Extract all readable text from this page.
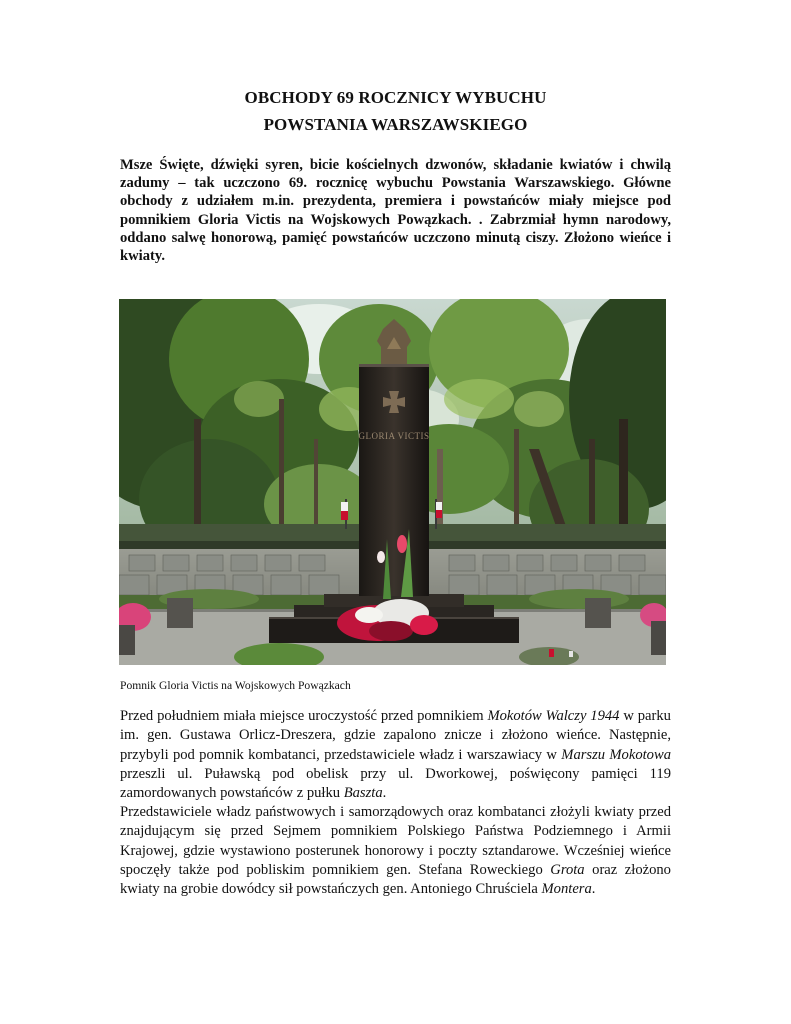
OBCHODY 69 ROCZNICY WYBUCHU
POWSTANIA WARSZAWSKIEGO

Msze Święte, dźwięki syren, bicie kościelnych dzwonów, składanie kwiatów i chwilą zadumy – tak uczczono 69. rocznicę wybuchu Powstania Warszawskiego. Główne obchody z udziałem m.in. prezydenta, premiera i powstańców miały miejsce pod pomnikiem Gloria Victis na Wojskowych Powązkach. . Zabrzmiał hymn narodowy, oddano salwę honorową, pamięć powstańców uczczono minutą ciszy. Złożono wieńce i kwiaty.

GLORIA VICTIS

Pomnik Gloria Victis na Wojskowych Powązkach

Przed południem miała miejsce uroczystość przed pomnikiem Mokotów Walczy 1944 w parku im. gen. Gustawa Orlicz-Dreszera, gdzie zapalono znicze i złożono wieńce. Następnie, przybyli pod pomnik kombatanci, przedstawiciele władz i warszawiacy w Marszu Mokotowa przeszli ul. Puławską pod obelisk przy ul. Dworkowej, poświęcony pamięci 119 zamordowanych powstańców z pułku Baszta.

Przedstawiciele władz państwowych i samorządowych oraz kombatanci złożyli kwiaty przed znajdującym się przed Sejmem pomnikiem Polskiego Państwa Podziemnego i Armii Krajowej, gdzie wystawiono posterunek honorowy i poczty sztandarowe. Wcześniej wieńce spoczęły także pod pobliskim pomnikiem gen. Stefana Roweckiego Grota oraz złożono kwiaty na grobie dowódcy sił powstańczych gen. Antoniego Chruściela Montera.
